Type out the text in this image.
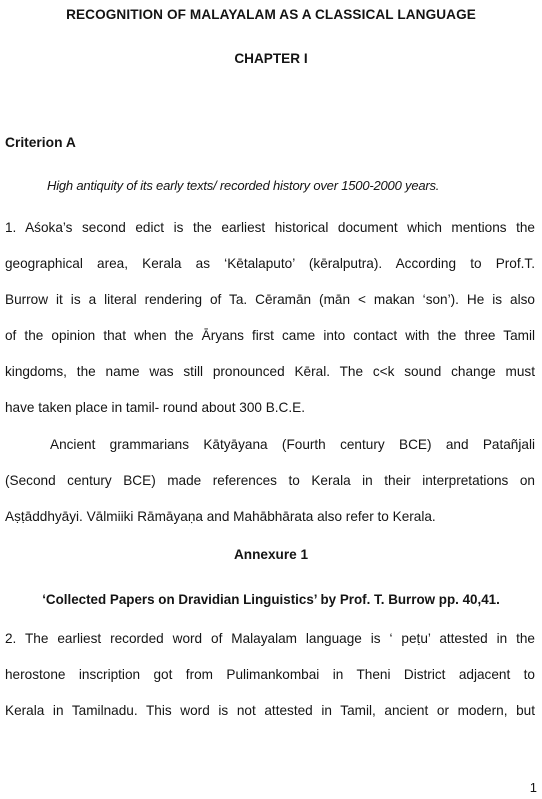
RECOGNITION OF MALAYALAM AS A CLASSICAL LANGUAGE
CHAPTER I
Criterion A
High antiquity of its early texts/ recorded history over 1500-2000 years.
1. Aśoka’s second edict is the earliest historical document which mentions the
geographical area, Kerala as ‘Kētalaputo’ (kēralputra). According to Prof.T.
Burrow it is a literal rendering of Ta. Cēramān (mān < makan ‘son’). He is also
of the opinion that when the Āryans first came into contact with the three Tamil
kingdoms, the name was still pronounced Kēral. The c<k sound change must
have taken place in tamil- round about 300 B.C.E.
Ancient grammarians Kātyāyana (Fourth century BCE) and Patañjali
(Second century BCE) made references to Kerala in their interpretations on
Aṣṭāddhyāyi. Vālmiiki Rāmāyaṇa and Mahābhārata also refer to Kerala.
Annexure 1
‘Collected Papers on Dravidian Linguistics’ by Prof. T. Burrow pp. 40,41.
2. The earliest recorded word of Malayalam language is ‘ peṭu’ attested in the
herostone inscription got from Pulimankombai in Theni District adjacent to
Kerala in Tamilnadu. This word is not attested in Tamil, ancient or modern, but
1
